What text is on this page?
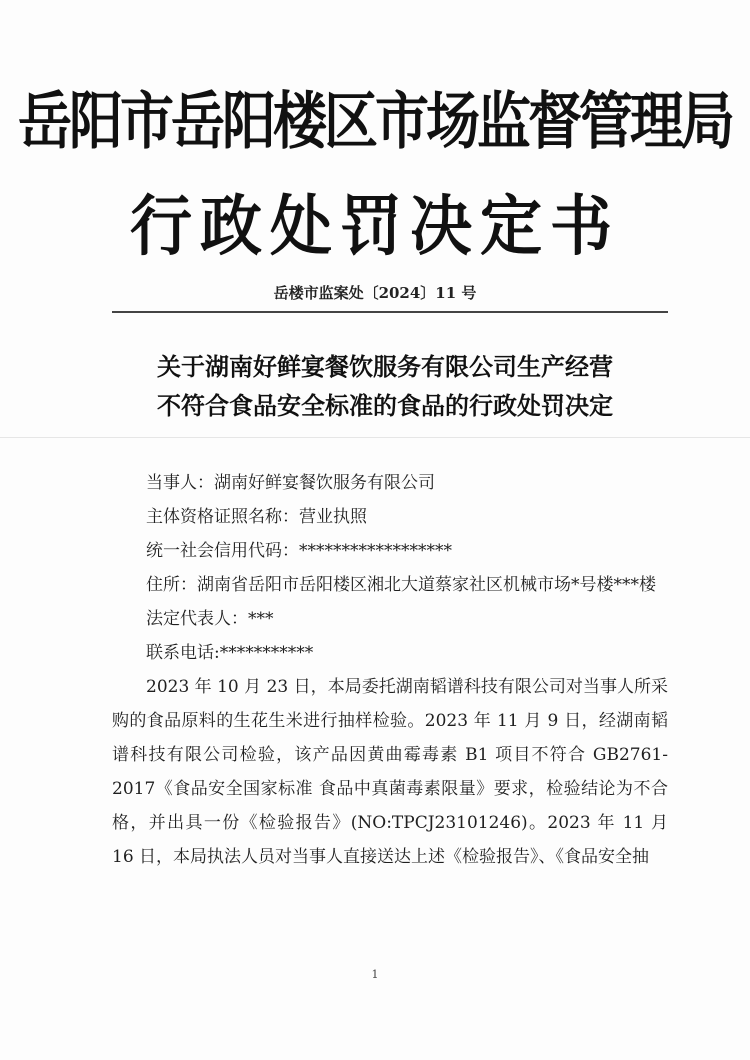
岳阳市岳阳楼区市场监督管理局
行政处罚决定书
岳楼市监案处〔2024〕11 号
关于湖南好鲜宴餐饮服务有限公司生产经营
不符合食品安全标准的食品的行政处罚决定

当事人：湖南好鲜宴餐饮服务有限公司

主体资格证照名称：营业执照

统一社会信用代码：******************

住所：湖南省岳阳市岳阳楼区湘北大道蔡家社区机械市场*号楼***楼

法定代表人：***

联系电话:***********

2023 年 10 月 23 日，本局委托湖南韬谱科技有限公司对当事人所采购的食品原料的生花生米进行抽样检验。2023 年 11 月 9 日，经湖南韬谱科技有限公司检验，该产品因黄曲霉毒素 B1 项目不符合 GB2761-2017《食品安全国家标准 食品中真菌毒素限量》要求，检验结论为不合格，并出具一份《检验报告》(NO:TPCJ23101246)。2023 年 11 月 16 日，本局执法人员对当事人直接送达上述《检验报告》、《食品安全抽

1
